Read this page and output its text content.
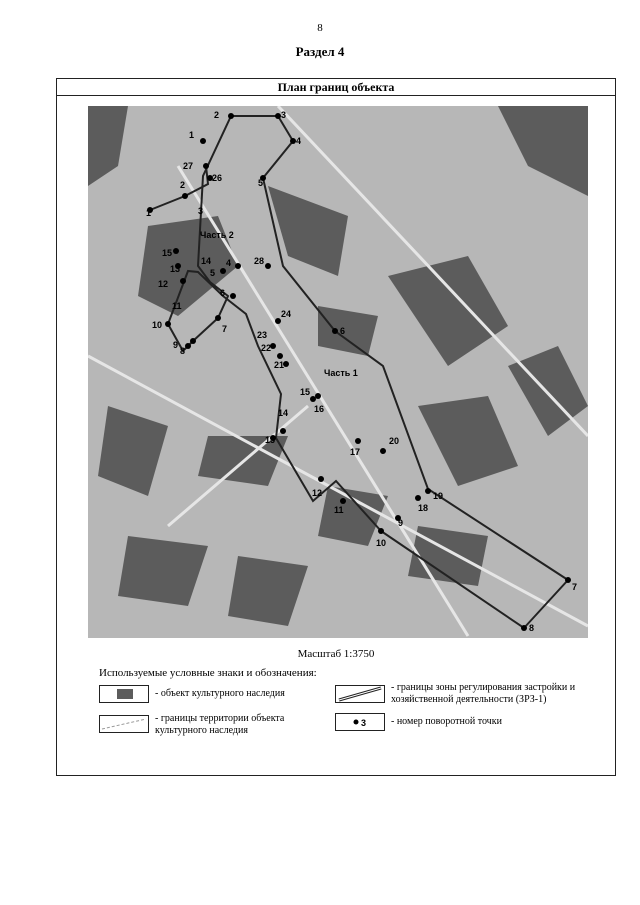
8
Раздел 4
План границ объекта
2	3
4
5
1
27
26
2
1	3
28
4
5
6
7
8
10
11
12
13
15
14
9
24
23
22
21
6
15
16
14
13
17
20
19
18
9
10
12
11
7
8
Часть 2
Часть 1
Масштаб 1:3750
Используемые условные знаки и обозначения:
- объект культурного наследия
- границы территории объекта культурного наследия
- границы зоны регулирования застройки и хозяйственной деятельности (ЗРЗ-1)
3 - номер поворотной точки
